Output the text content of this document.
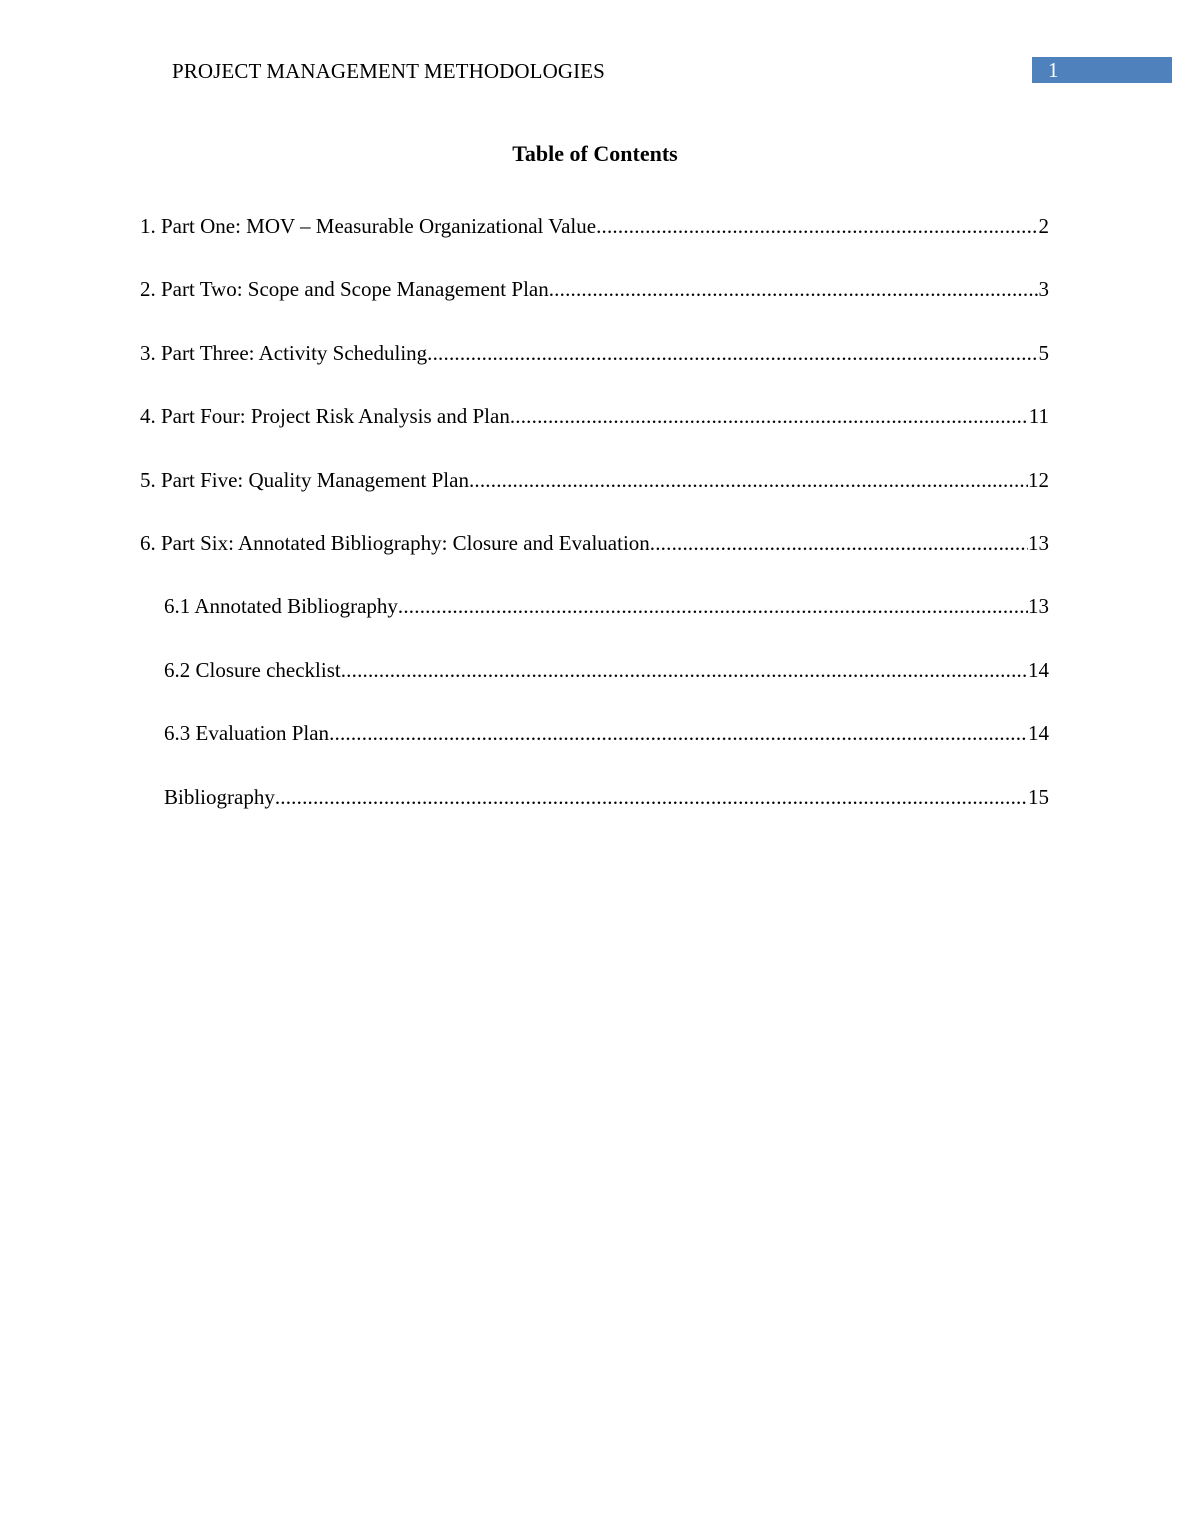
PROJECT MANAGEMENT METHODOLOGIES	1
Table of Contents
1. Part One: MOV – Measurable Organizational Value .....	2
2. Part Two: Scope and Scope Management Plan .....	3
3. Part Three: Activity Scheduling .....	5
4. Part Four: Project Risk Analysis and Plan .....	11
5. Part Five: Quality Management Plan .....	12
6. Part Six: Annotated Bibliography: Closure and Evaluation .....	13
6.1 Annotated Bibliography .....	13
6.2 Closure checklist .....	14
6.3 Evaluation Plan .....	14
Bibliography .....	15
